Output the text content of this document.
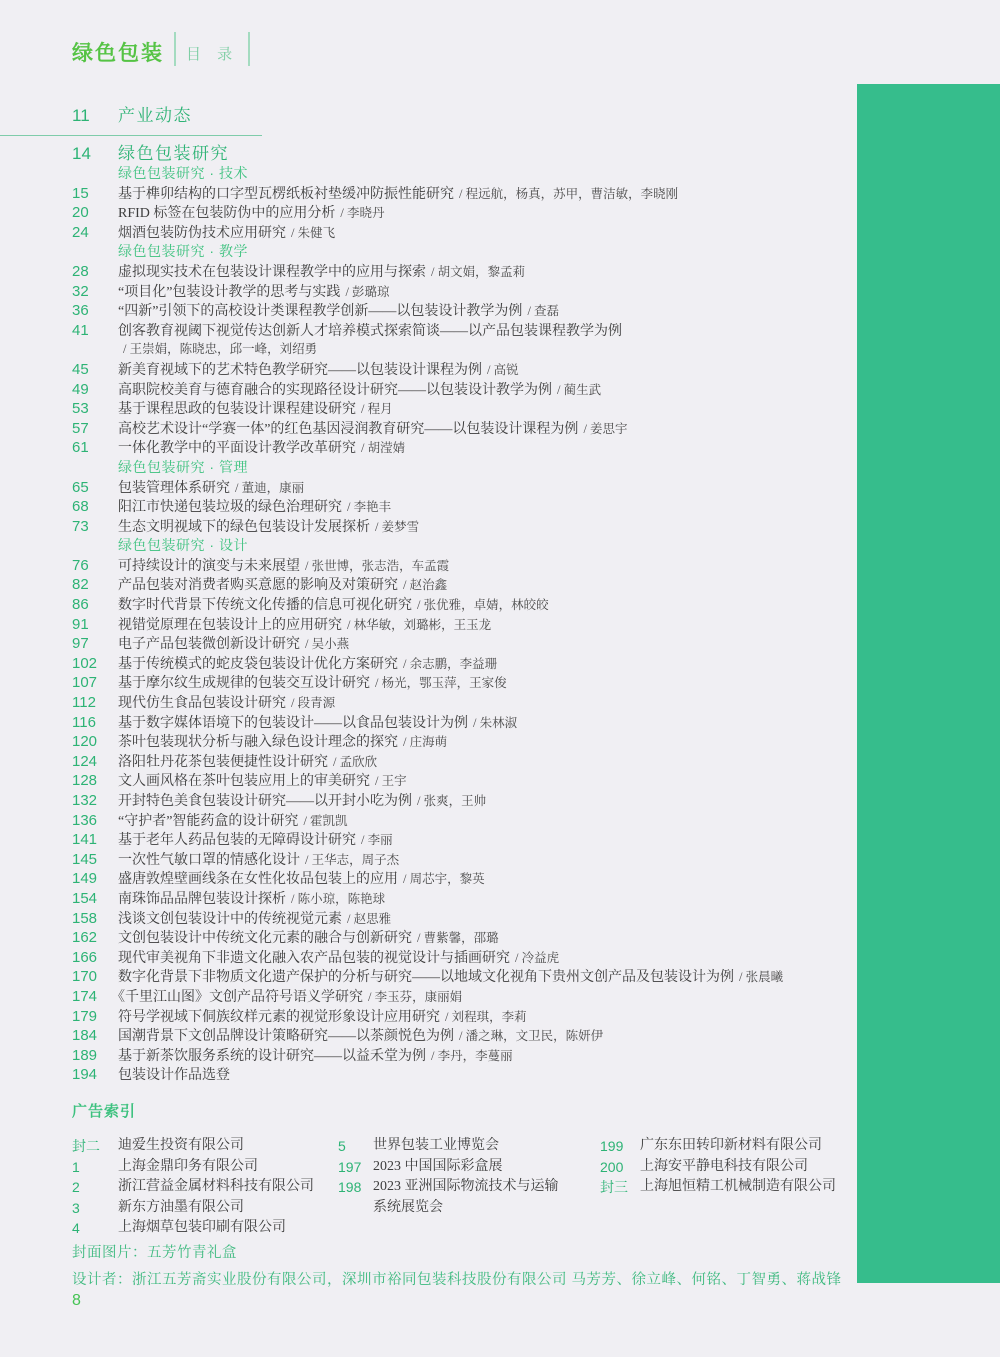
绿色包装 目 录
11	产业动态
14	绿色包装研究
绿色包装研究 · 技术
15	基于榫卯结构的口字型瓦楞纸板衬垫缓冲防振性能研究 / 程远航，杨真，苏甲，曹洁敏，李晓刚
20	RFID 标签在包装防伪中的应用分析 / 李晓丹
24	烟酒包装防伪技术应用研究 / 朱健飞
绿色包装研究 · 教学
28	虚拟现实技术在包装设计课程教学中的应用与探索 / 胡文娟，黎孟莉
32	“项目化”包装设计教学的思考与实践 / 彭璐琼
36	“四新”引领下的高校设计类课程教学创新——以包装设计教学为例 / 查磊
41	创客教育视阈下视觉传达创新人才培养模式探索简谈——以产品包装课程教学为例
/ 王崇娟，陈晓忠，邱一峰，刘绍勇
45	新美育视域下的艺术特色教学研究——以包装设计课程为例 / 高锐
49	高职院校美育与德育融合的实现路径设计研究——以包装设计教学为例 / 蔺生武
53	基于课程思政的包装设计课程建设研究 / 程月
57	高校艺术设计“学赛一体”的红色基因浸润教育研究——以包装设计课程为例 / 姜思宇
61	一体化教学中的平面设计教学改革研究 / 胡滢婧
绿色包装研究 · 管理
65	包装管理体系研究 / 董迪，康丽
68	阳江市快递包装垃圾的绿色治理研究 / 李艳丰
73	生态文明视域下的绿色包装设计发展探析 / 姜梦雪
绿色包装研究 · 设计
76	可持续设计的演变与未来展望 / 张世博，张志浩，车孟霞
82	产品包装对消费者购买意愿的影响及对策研究 / 赵治鑫
86	数字时代背景下传统文化传播的信息可视化研究 / 张优雅，卓婧，林皎皎
91	视错觉原理在包装设计上的应用研究 / 林华敏，刘璐彬，王玉龙
97	电子产品包装微创新设计研究 / 吴小燕
102	基于传统模式的蛇皮袋包装设计优化方案研究 / 余志鹏，李益珊
107	基于摩尔纹生成规律的包装交互设计研究 / 杨光，鄂玉萍，王家俊
112	现代仿生食品包装设计研究 / 段青源
116	基于数字媒体语境下的包装设计——以食品包装设计为例 / 朱林淑
120	茶叶包装现状分析与融入绿色设计理念的探究 / 庄海萌
124	洛阳牡丹花茶包装便捷性设计研究 / 孟欣欣
128	文人画风格在茶叶包装应用上的审美研究 / 王宇
132	开封特色美食包装设计研究——以开封小吃为例 / 张爽，王帅
136	“守护者”智能药盒的设计研究 / 霍凯凯
141	基于老年人药品包装的无障碍设计研究 / 李丽
145	一次性气敏口罩的情感化设计 / 王华志，周子杰
149	盛唐敦煌壁画线条在女性化妆品包装上的应用 / 周芯宇，黎英
154	南珠饰品品牌包装设计探析 / 陈小琼，陈艳球
158	浅谈文创包装设计中的传统视觉元素 / 赵思雅
162	文创包装设计中传统文化元素的融合与创新研究 / 曹紫馨，邵璐
166	现代审美视角下非遗文化融入农产品包装的视觉设计与插画研究 / 冷益虎
170	数字化背景下非物质文化遗产保护的分析与研究——以地域文化视角下贵州文创产品及包装设计为例 / 张晨曦
174 《千里江山图》文创产品符号语义学研究 / 李玉芬，康丽娟
179	符号学视域下侗族纹样元素的视觉形象设计应用研究 / 刘程琪，李莉
184	国潮背景下文创品牌设计策略研究——以茶颜悦色为例 / 潘之琳，文卫民，陈妍伊
189	基于新茶饮服务系统的设计研究——以益禾堂为例 / 李丹，李蔓丽
194	包装设计作品选登
广告索引
封二	迪爱生投资有限公司
1	上海金鼎印务有限公司
2	浙江营益金属材料科技有限公司
3	新东方油墨有限公司
4	上海烟草包装印刷有限公司
5	世界包装工业博览会
197 2023 中国国际彩盒展
198 2023 亚洲国际物流技术与运输
系统展览会
199	广东东田转印新材料有限公司
200	上海安平静电科技有限公司
封三 上海旭恒精工机械制造有限公司
封面图片：五芳竹青礼盒
设计者：浙江五芳斋实业股份有限公司，深圳市裕同包装科技股份有限公司 马芳芳、徐立峰、何铭、丁智勇、蒋战锋
8
